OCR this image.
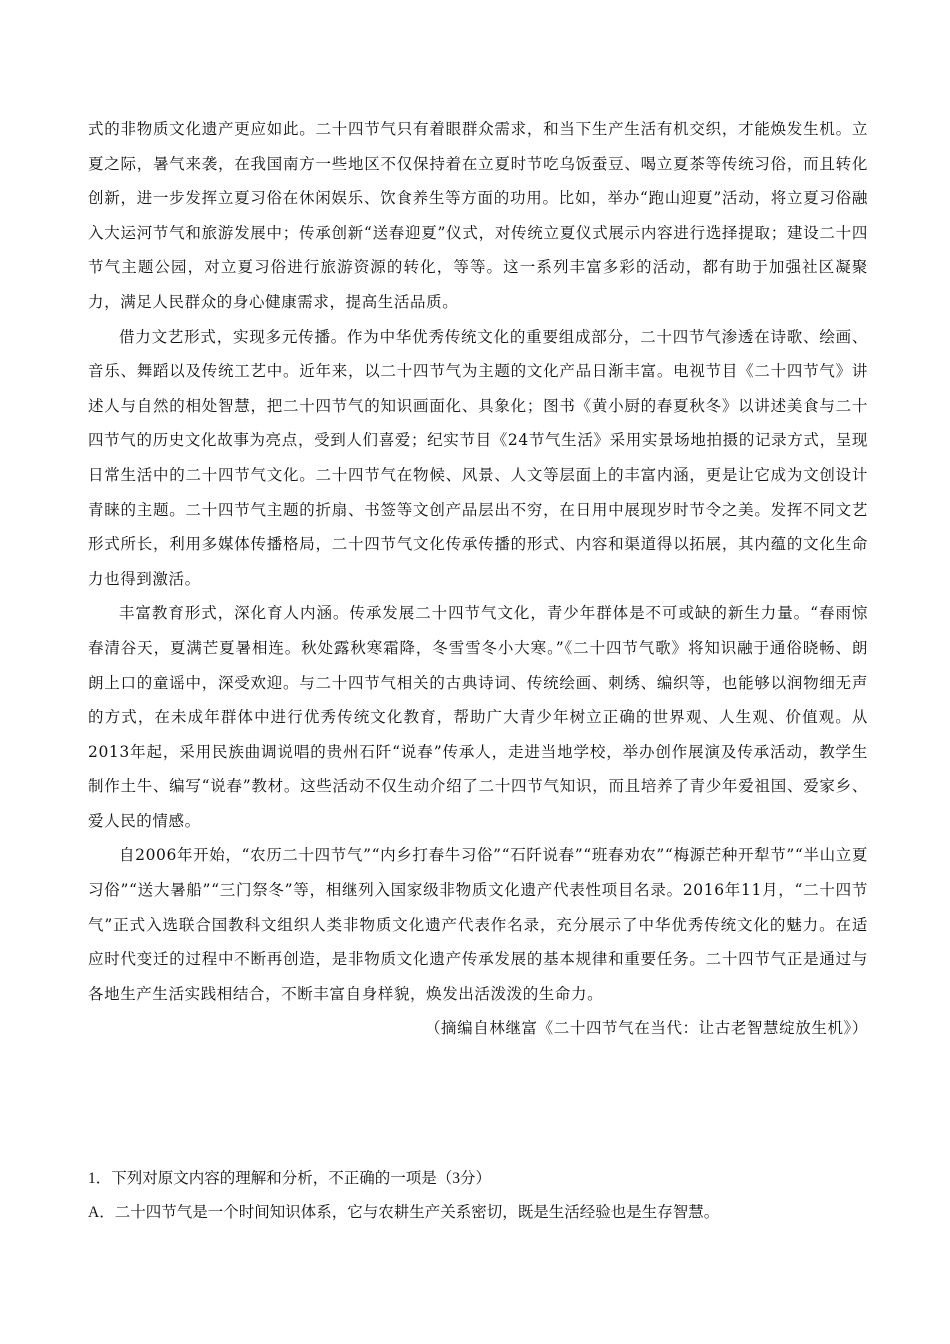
式的非物质文化遗产更应如此。二十四节气只有着眼群众需求，和当下生产生活有机交织，才能焕发生机。立夏之际，暑气来袭，在我国南方一些地区不仅保持着在立夏时节吃乌饭蚕豆、喝立夏茶等传统习俗，而且转化创新，进一步发挥立夏习俗在休闲娱乐、饮食养生等方面的功用。比如，举办“跑山迎夏”活动，将立夏习俗融入大运河节气和旅游发展中；传承创新“送春迎夏”仪式，对传统立夏仪式展示内容进行选择提取；建设二十四节气主题公园，对立夏习俗进行旅游资源的转化，等等。这一系列丰富多彩的活动，都有助于加强社区凝聚力，满足人民群众的身心健康需求，提高生活品质。

借力文艺形式，实现多元传播。作为中华优秀传统文化的重要组成部分，二十四节气渗透在诗歌、绘画、音乐、舞蹈以及传统工艺中。近年来，以二十四节气为主题的文化产品日渐丰富。电视节目《二十四节气》讲述人与自然的相处智慧，把二十四节气的知识画面化、具象化；图书《黄小厨的春夏秋冬》以讲述美食与二十四节气的历史文化故事为亮点，受到人们喜爱；纪实节目《24节气生活》采用实景场地拍摄的记录方式，呈现日常生活中的二十四节气文化。二十四节气在物候、风景、人文等层面上的丰富内涵，更是让它成为文创设计青睐的主题。二十四节气主题的折扇、书签等文创产品层出不穷，在日用中展现岁时节令之美。发挥不同文艺形式所长，利用多媒体传播格局，二十四节气文化传承传播的形式、内容和渠道得以拓展，其内蕴的文化生命力也得到激活。

丰富教育形式，深化育人内涵。传承发展二十四节气文化，青少年群体是不可或缺的新生力量。“春雨惊春清谷天，夏满芒夏暑相连。秋处露秋寒霜降，冬雪雪冬小大寒。”《二十四节气歌》将知识融于通俗晓畅、朗朗上口的童谣中，深受欢迎。与二十四节气相关的古典诗词、传统绘画、刺绣、编织等，也能够以润物细无声的方式，在未成年群体中进行优秀传统文化教育，帮助广大青少年树立正确的世界观、人生观、价值观。从2013年起，采用民族曲调说唱的贵州石阡“说春”传承人，走进当地学校，举办创作展演及传承活动，教学生制作土牛、编写“说春”教材。这些活动不仅生动介绍了二十四节气知识，而且培养了青少年爱祖国、爱家乡、爱人民的情感。

自2006年开始，“农历二十四节气”“内乡打春牛习俗”“石阡说春”“班春劝农”“梅源芒种开犁节”“半山立夏习俗”“送大暑船”“三门祭冬”等，相继列入国家级非物质文化遗产代表性项目名录。2016年11月，“二十四节气”正式入选联合国教科文组织人类非物质文化遗产代表作名录，充分展示了中华优秀传统文化的魅力。在适应时代变迁的过程中不断再创造，是非物质文化遗产传承发展的基本规律和重要任务。二十四节气正是通过与各地生产生活实践相结合，不断丰富自身样貌，焕发出活泼泼的生命力。

（摘编自林继富《二十四节气在当代：让古老智慧绽放生机》）

1．下列对原文内容的理解和分析，不正确的一项是（3分）

A．二十四节气是一个时间知识体系，它与农耕生产关系密切，既是生活经验也是生存智慧。
